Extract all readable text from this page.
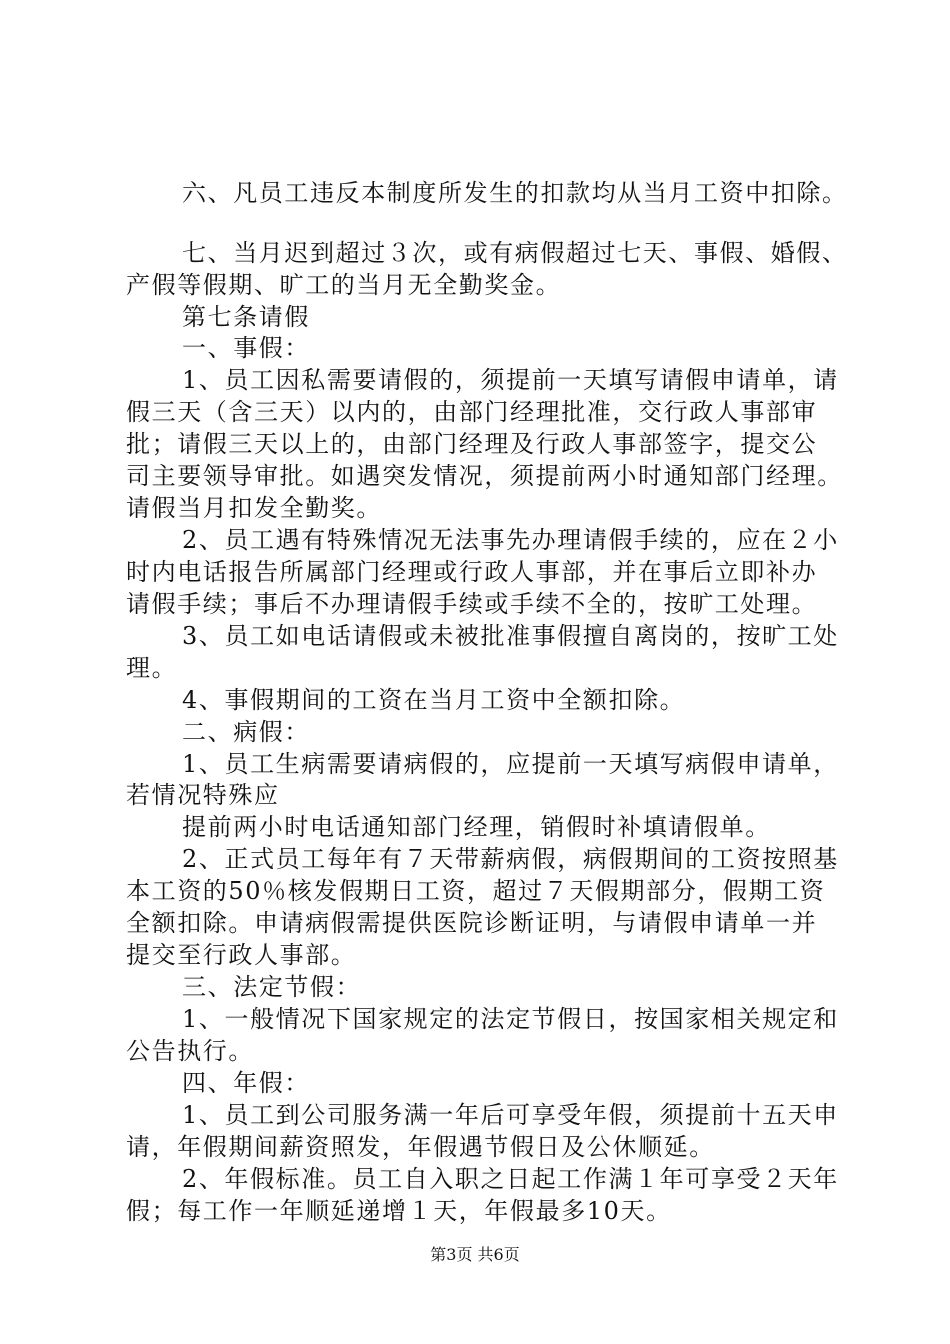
六、凡员工违反本制度所发生的扣款均从当月工资中扣除。
七、当月迟到超过３次，或有病假超过七天、事假、婚假、
产假等假期、旷工的当月无全勤奖金。
第七条请假
一、事假：
1、员工因私需要请假的，须提前一天填写请假申请单，请
假三天（含三天）以内的，由部门经理批准，交行政人事部审
批；请假三天以上的，由部门经理及行政人事部签字，提交公
司主要领导审批。如遇突发情况，须提前两小时通知部门经理。
请假当月扣发全勤奖。
2、员工遇有特殊情况无法事先办理请假手续的，应在２小
时内电话报告所属部门经理或行政人事部，并在事后立即补办
请假手续；事后不办理请假手续或手续不全的，按旷工处理。
3、员工如电话请假或未被批准事假擅自离岗的，按旷工处
理。
4、事假期间的工资在当月工资中全额扣除。
二、病假：
1、员工生病需要请病假的，应提前一天填写病假申请单，
若情况特殊应
提前两小时电话通知部门经理，销假时补填请假单。
2、正式员工每年有７天带薪病假，病假期间的工资按照基
本工资的50％核发假期日工资，超过７天假期部分，假期工资
全额扣除。申请病假需提供医院诊断证明，与请假申请单一并
提交至行政人事部。
三、法定节假：
1、一般情况下国家规定的法定节假日，按国家相关规定和
公告执行。
四、年假：
1、员工到公司服务满一年后可享受年假，须提前十五天申
请，年假期间薪资照发，年假遇节假日及公休顺延。
2、年假标准。员工自入职之日起工作满１年可享受２天年
假；每工作一年顺延递增１天，年假最多10天。
第3页 共6页
